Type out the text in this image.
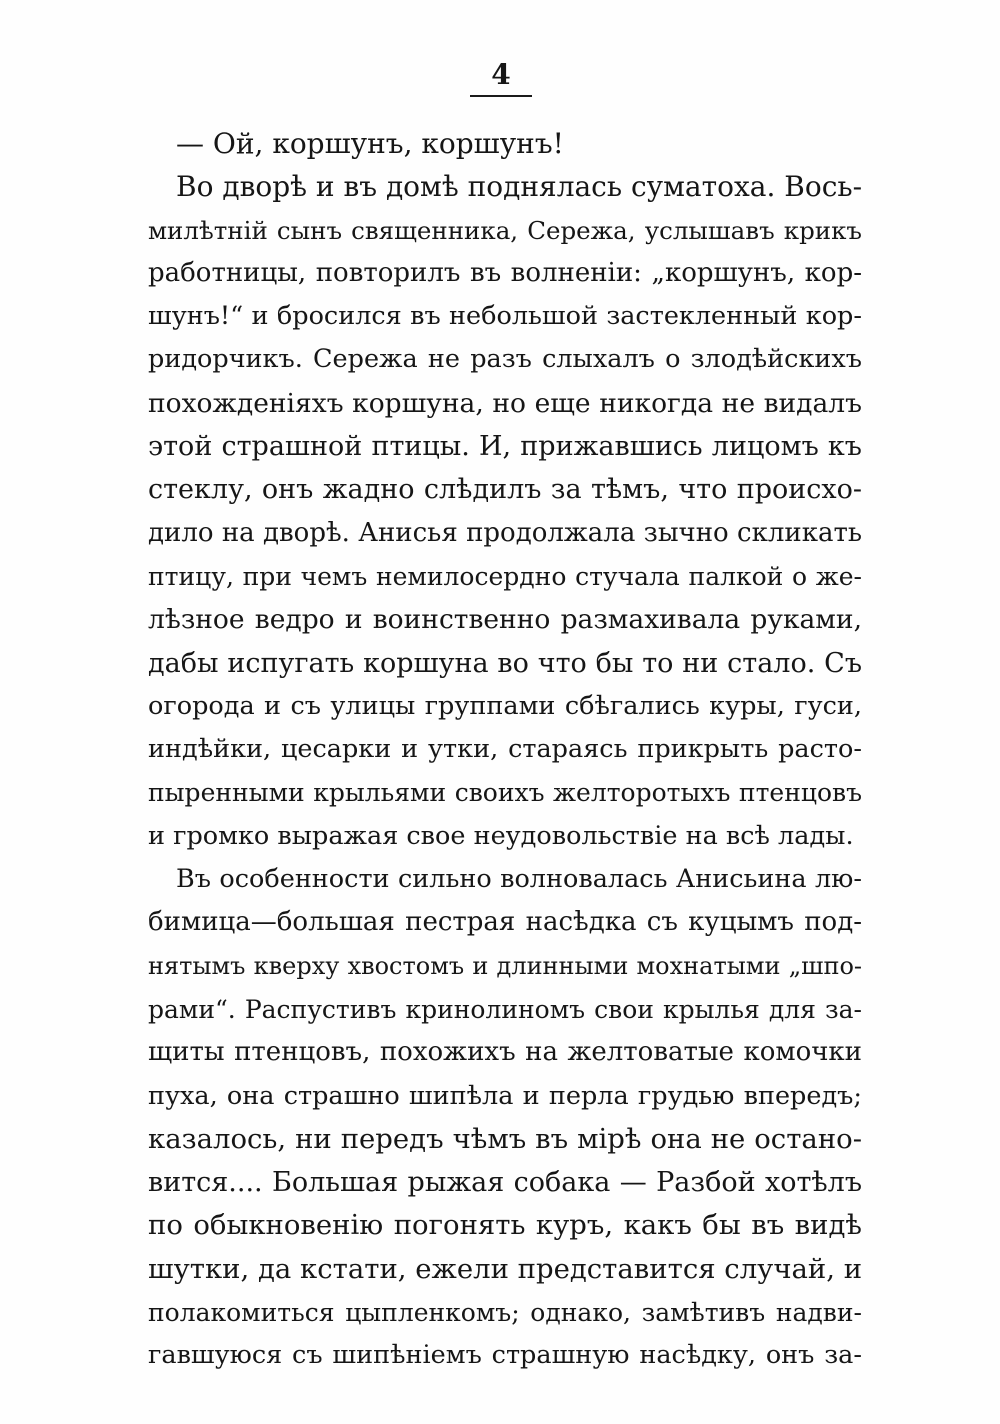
4
— Ой, коршунъ, коршунъ!
Во дворѣ и въ домѣ поднялась суматоха. Вось-
милѣтній сынъ священника, Сережа, услышавъ крикъ
работницы, повторилъ въ волненіи: „коршунъ, кор-
шунъ!“ и бросился въ небольшой застекленный кор-
ридорчикъ. Сережа не разъ слыхалъ о злодѣйскихъ
похожденіяхъ коршуна, но еще никогда не видалъ
этой страшной птицы. И, прижавшись лицомъ къ
стеклу, онъ жадно слѣдилъ за тѣмъ, что происхо-
дило на дворѣ. Анисья продолжала зычно скликать
птицу, при чемъ немилосердно стучала палкой о же-
лѣзное ведро и воинственно размахивала руками,
дабы испугать коршуна во что бы то ни стало. Съ
огорода и съ улицы группами сбѣгались куры, гуси,
индѣйки, цесарки и утки, стараясь прикрыть расто-
пыренными крыльями своихъ желторотыхъ птенцовъ
и громко выражая свое неудовольствіе на всѣ лады.
Въ особенности сильно волновалась Анисьина лю-
бимица—большая пестрая насѣдка съ куцымъ под-
нятымъ кверху хвостомъ и длинными мохнатыми „шпо-
рами“. Распустивъ кринолиномъ свои крылья для за-
щиты птенцовъ, похожихъ на желтоватые комочки
пуха, она страшно шипѣла и перла грудью впередъ;
казалось, ни передъ чѣмъ въ мірѣ она не остано-
вится.... Большая рыжая собака — Разбой хотѣлъ
по обыкновенію погонять куръ, какъ бы въ видѣ
шутки, да кстати, ежели представится случай, и
полакомиться цыпленкомъ; однако, замѣтивъ надви-
гавшуюся съ шипѣніемъ страшную насѣдку, онъ за-
